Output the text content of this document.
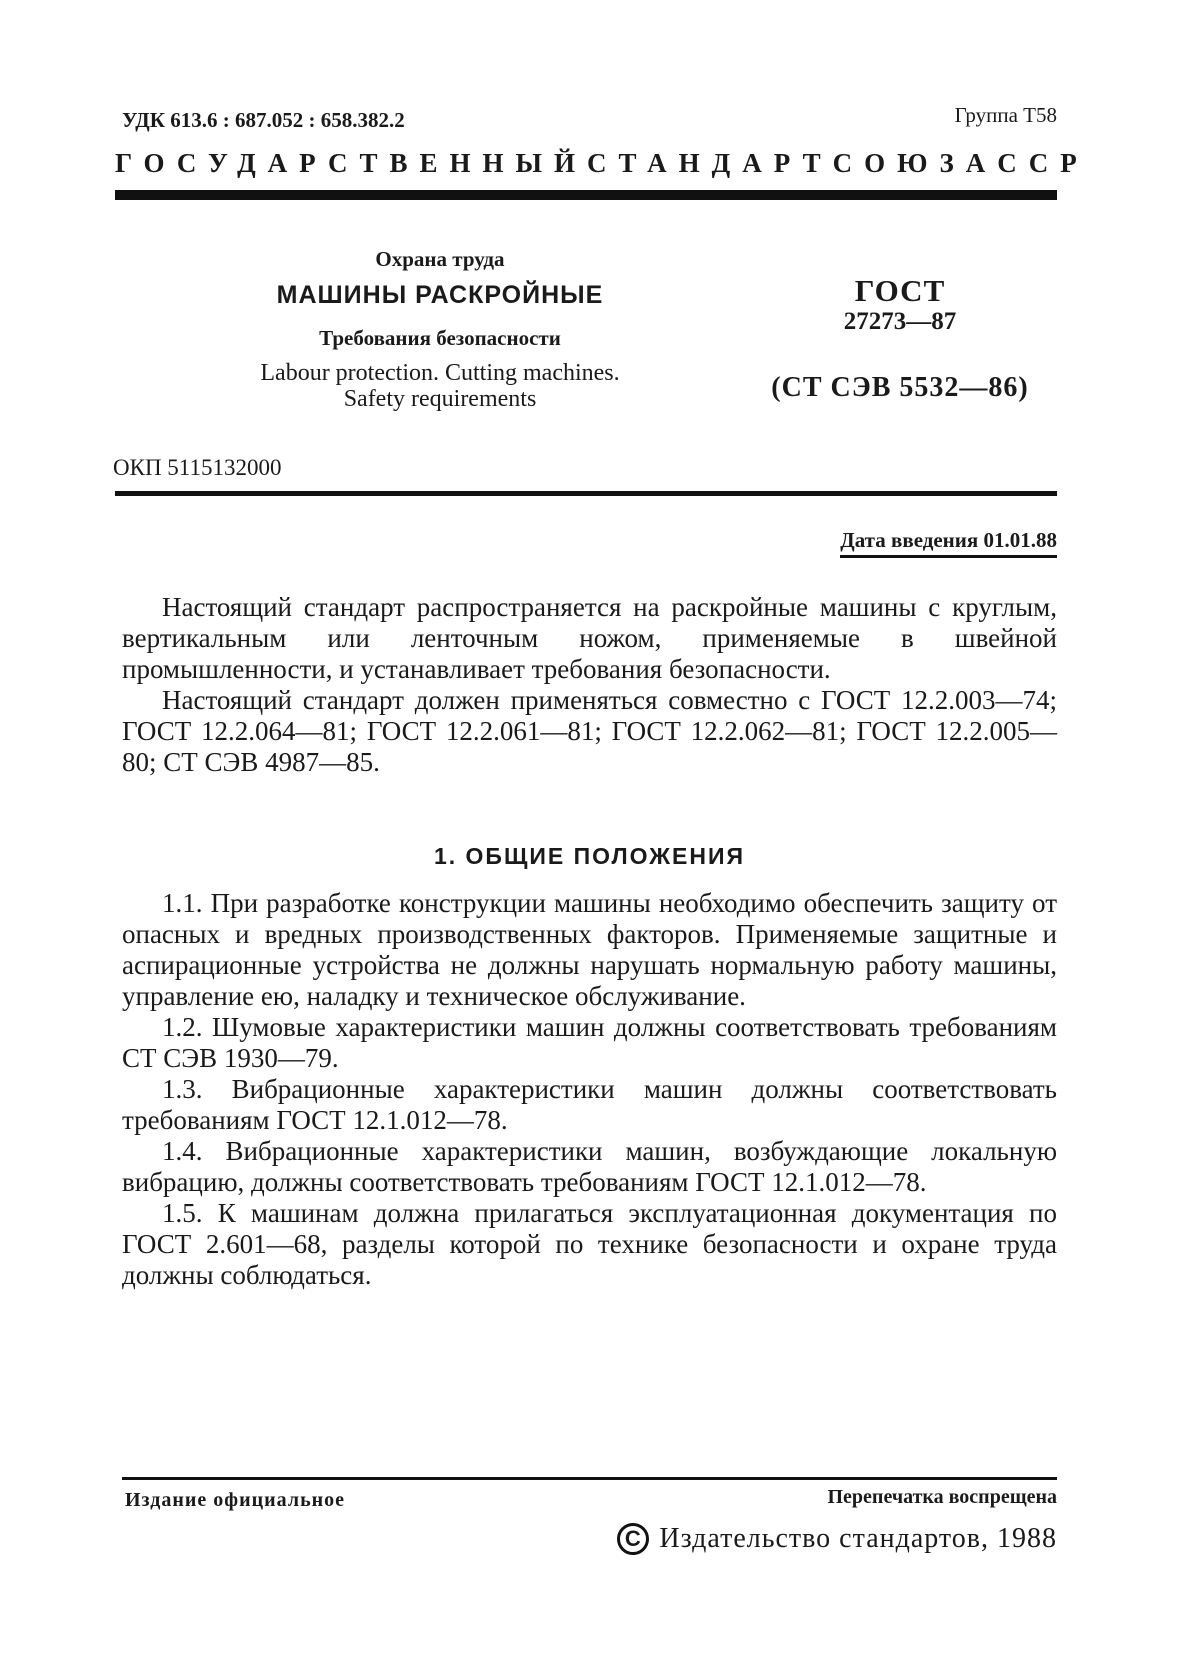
УДК 613.6 : 687.052 : 658.382.2	Группа Т58
ГОСУДАРСТВЕННЫЙ СТАНДАРТ СОЮЗА ССР
Охрана труда
МАШИНЫ РАСКРОЙНЫЕ
Требования безопасности
Labour protection. Cutting machines.
Safety requirements
ГОСТ
27273—87
(СТ СЭВ 5532—86)
ОКП 5115132000
Дата введения 01.01.88

Настоящий стандарт распространяется на раскройные машины с круглым, вертикальным или ленточным ножом, применяемые в швейной промышленности, и устанавливает требования безопасности.

Настоящий стандарт должен применяться совместно с ГОСТ 12.2.003—74; ГОСТ 12.2.064—81; ГОСТ 12.2.061—81; ГОСТ 12.2.062—81; ГОСТ 12.2.005—80; СТ СЭВ 4987—85.

1. ОБЩИЕ ПОЛОЖЕНИЯ

1.1. При разработке конструкции машины необходимо обеспечить защиту от опасных и вредных производственных факторов. Применяемые защитные и аспирационные устройства не должны нарушать нормальную работу машины, управление ею, наладку и техническое обслуживание.

1.2. Шумовые характеристики машин должны соответствовать требованиям СТ СЭВ 1930—79.

1.3. Вибрационные характеристики машин должны соответствовать требованиям ГОСТ 12.1.012—78.

1.4. Вибрационные характеристики машин, возбуждающие локальную вибрацию, должны соответствовать требованиям ГОСТ 12.1.012—78.

1.5. К машинам должна прилагаться эксплуатационная документация по ГОСТ 2.601—68, разделы которой по технике безопасности и охране труда должны соблюдаться.

Издание официальное	Перепечатка воспрещена
С Издательство стандартов, 1988
